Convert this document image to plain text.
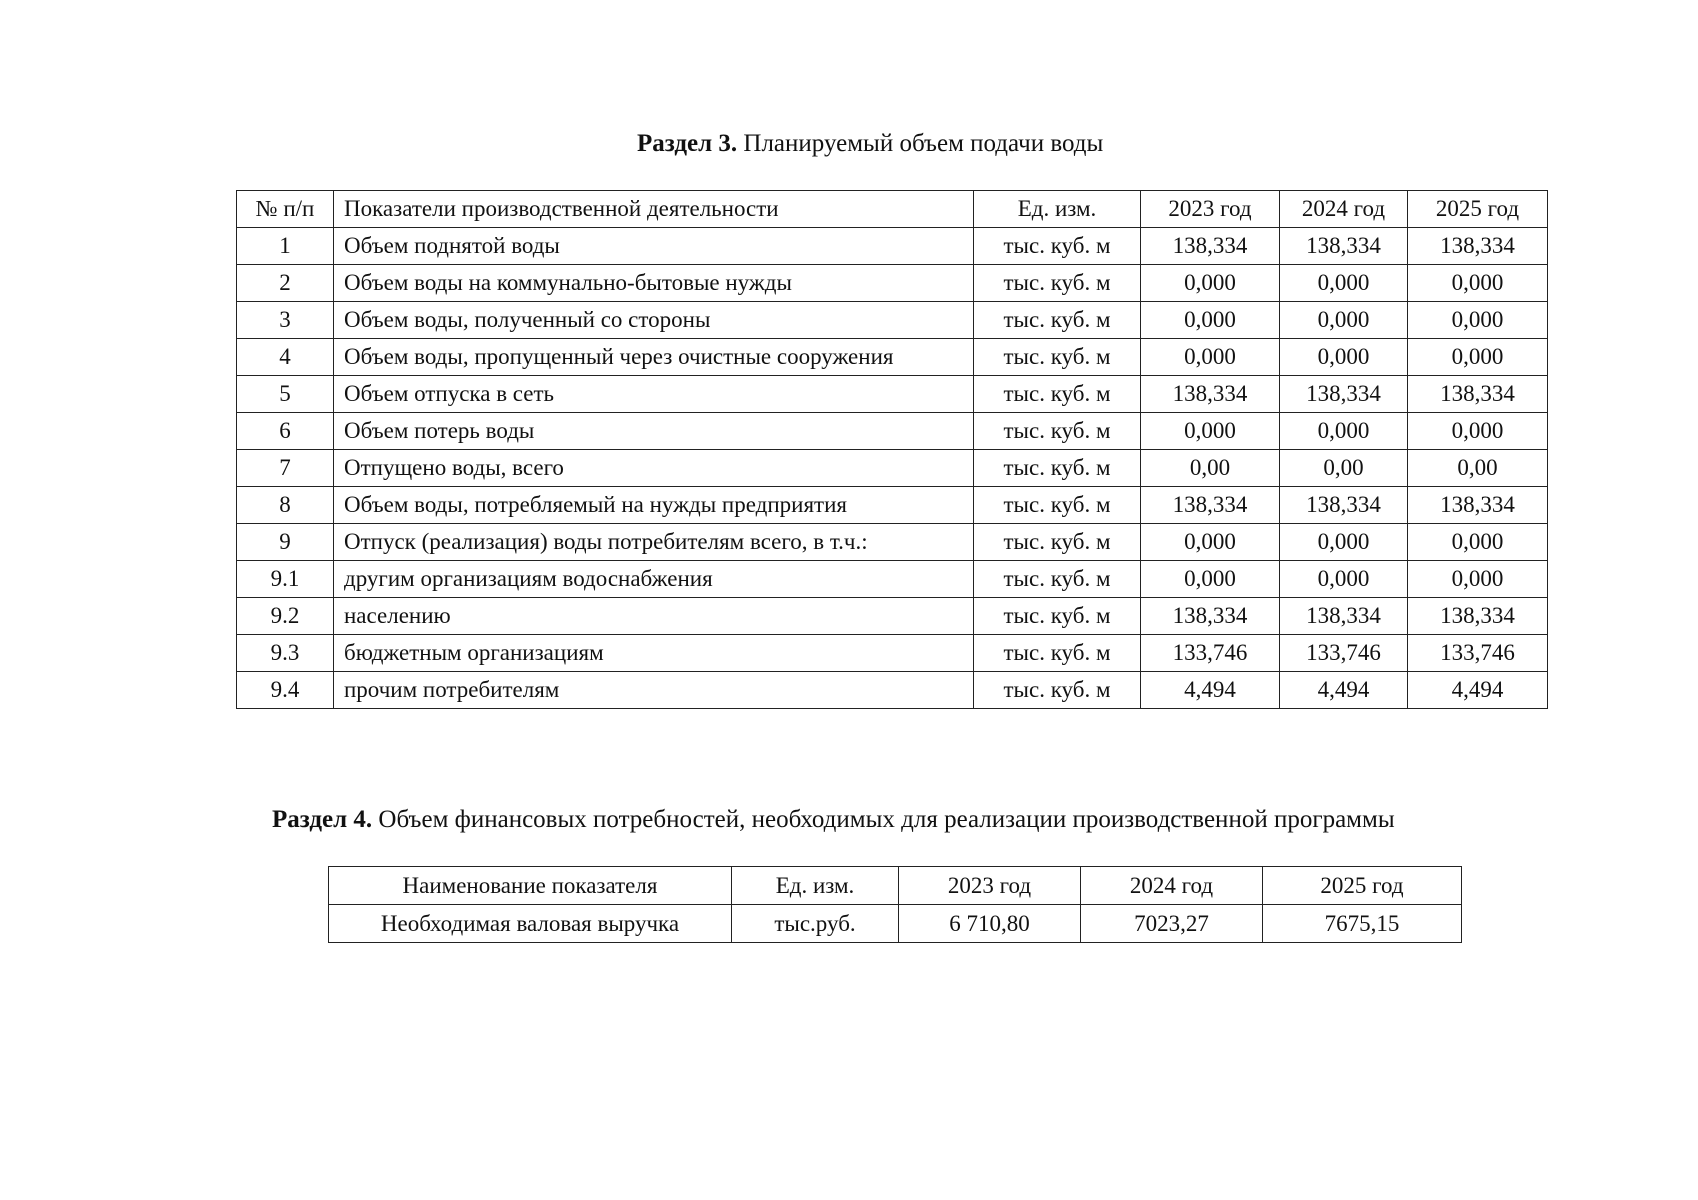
Раздел 3. Планируемый объем подачи воды
№ п/п	Показатели производственной деятельности	Ед. изм.	2023 год	2024 год	2025 год
1	Объем поднятой воды	тыс. куб. м	138,334	138,334	138,334
2	Объем воды на коммунально-бытовые нужды	тыс. куб. м	0,000	0,000	0,000
3	Объем воды, полученный со стороны	тыс. куб. м	0,000	0,000	0,000
4	Объем воды, пропущенный через очистные сооружения	тыс. куб. м	0,000	0,000	0,000
5	Объем отпуска в сеть	тыс. куб. м	138,334	138,334	138,334
6	Объем потерь воды	тыс. куб. м	0,000	0,000	0,000
7	Отпущено воды, всего	тыс. куб. м	0,00	0,00	0,00
8	Объем воды, потребляемый на нужды предприятия	тыс. куб. м	138,334	138,334	138,334
9	Отпуск (реализация) воды потребителям всего, в т.ч.:	тыс. куб. м	0,000	0,000	0,000
9.1	другим организациям водоснабжения	тыс. куб. м	0,000	0,000	0,000
9.2	населению	тыс. куб. м	138,334	138,334	138,334
9.3	бюджетным организациям	тыс. куб. м	133,746	133,746	133,746
9.4	прочим потребителям	тыс. куб. м	4,494	4,494	4,494
Раздел 4. Объем финансовых потребностей, необходимых для реализации производственной программы
Наименование показателя	Ед. изм.	2023 год	2024 год	2025 год
Необходимая валовая выручка	тыс.руб.	6 710,80	7023,27	7675,15
